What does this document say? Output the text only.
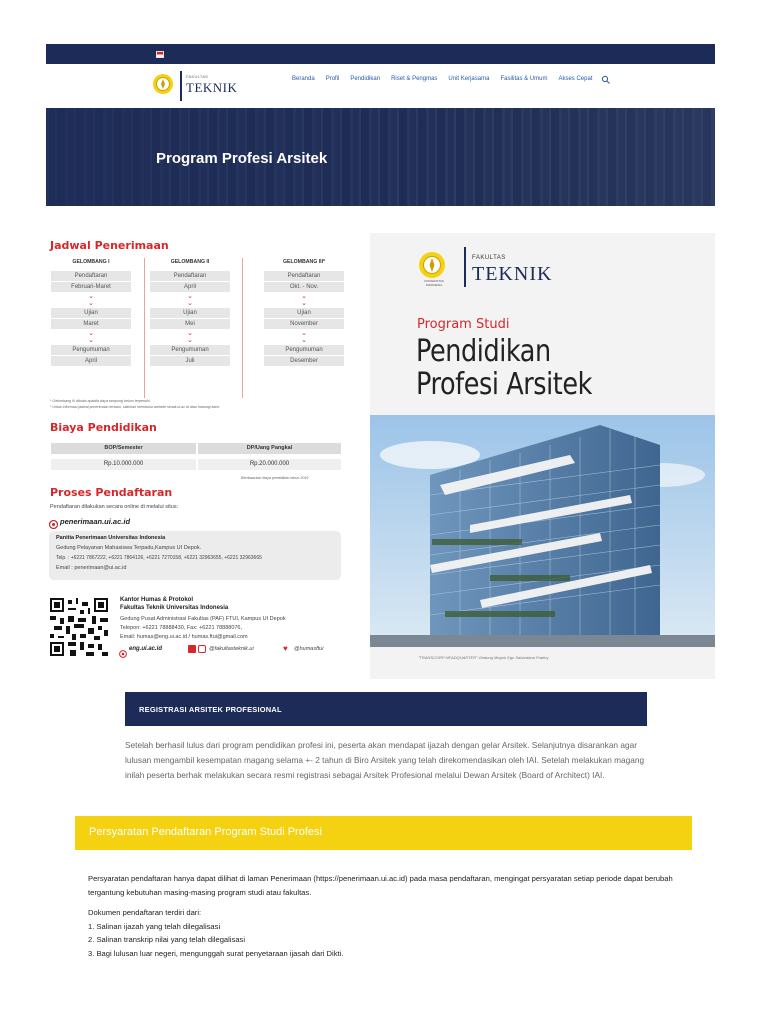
FAKULTAS
TEKNIK
Beranda Profil Pendidikan Riset & Pengmas Unit Kerjasama Fasilitas & Umum Akses Cepat
Program Profesi Arsitek
Jadwal Penerimaan
GELOMBANG I
Pendaftaran
Februari-Maret
⌄
⌄
Ujian
Maret
⌄
⌄
Pengumuman
April
GELOMBANG II
Pendaftaran
April
⌄
⌄
Ujian
Mei
⌄
⌄
Pengumuman
Juli
GELOMBANG III*
Pendaftaran
Okt. - Nov.
⌄
⌄
Ujian
November
⌄
⌄
Pengumuman
Desember
* Gelombang III dibuka apabila daya tampung belum terpenuhi.
* Untuk informasi jadwal penerimaan terbaru, silahkan membuka website simak.ui.ac.id atau hubungi kami.
Biaya Pendidikan
BOP/Semester	DP/Uang Pangkal
Rp.10.000.000	Rp.20.000.000
Berdasarkan biaya pendidikan tahun 2019
Proses Pendaftaran
Pendaftaran dilakukan secara online di melalui situs:
penerimaan.ui.ac.id
Panitia Penerimaan Universitas Indonesia
Gedung Pelayanan Mahasiswa Terpadu,Kampus UI Depok.
Telp. : +6221 7867222, +6221 7864126, +6221 7270158, +6221 32963655, +6221 32963665
Email : penerimaan@ui.ac.id
Kantor Humas & Protokol
Fakultas Teknik Universitas Indonesia
Gedung Pusat Administrasi Fakultas (PAF) FTUI, Kampus UI Depok
Telepon: +6221 78888430, Fax: +6221 78888076,
Email: humas@eng.ui.ac.id / humas.ftui@gmail.com
eng.ui.ac.id	@fakultasteknik.ui	♥ @humasftui
UNIVERSITAS INDONESIA
FAKULTAS
TEKNIK
Program Studi
Pendidikan
Profesi Arsitek
"TRANSCORP HEADQUARTER" Gedung Mogok Ego Sahardana Pratiny
REGISTRASI ARSITEK PROFESIONAL
Setelah berhasil lulus dari program pendidikan profesi ini, peserta akan mendapat ijazah dengan gelar Arsitek. Selanjutnya disarankan agar lulusan mengambil kesempatan magang selama +- 2 tahun di Biro Arsitek yang telah direkomendasikan oleh IAI. Setelah melakukan magang inilah peserta berhak melakukan secara resmi registrasi sebagai Arsitek Profesional melalui Dewan Arsitek (Board of Architect) IAI.
Persyaratan Pendaftaran Program Studi Profesi

Persyaratan pendaftaran hanya dapat dilihat di laman Penerimaan (https://penerimaan.ui.ac.id) pada masa pendaftaran, mengingat persyaratan setiap periode dapat berubah tergantung kebutuhan masing-masing program studi atau fakultas.

Dokumen pendaftaran terdiri dari:

1. Salinan ijazah yang telah dilegalisasi

2. Salinan transkrip nilai yang telah dilegalisasi

3. Bagi lulusan luar negeri, mengunggah surat penyetaraan ijasah dari Dikti.
